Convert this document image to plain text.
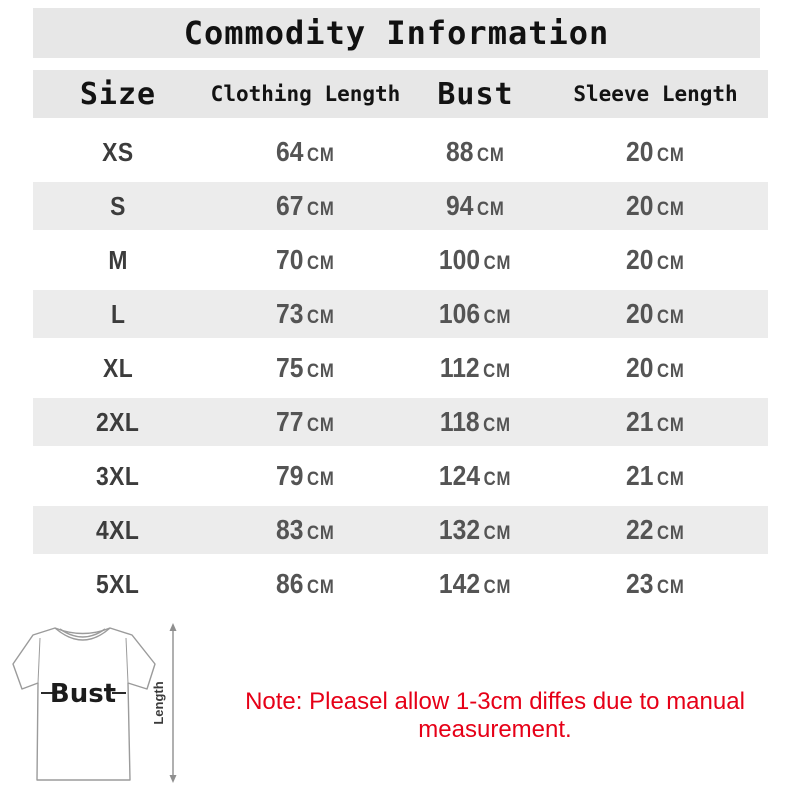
Commodity Information
Size	Clothing Length	Bust	Sleeve Length
XS	64 CM	88 CM	20 CM
S	67 CM	94 CM	20 CM
M	70 CM	100 CM	20 CM
L	73 CM	106 CM	20 CM
XL	75 CM	112 CM	20 CM
2XL	77 CM	118 CM	21 CM
3XL	79 CM	124 CM	21 CM
4XL	83 CM	132 CM	22 CM
5XL	86 CM	142 CM	23 CM
Bust	Length	Note: Pleasel allow 1-3cm diffes due to manual measurement.
